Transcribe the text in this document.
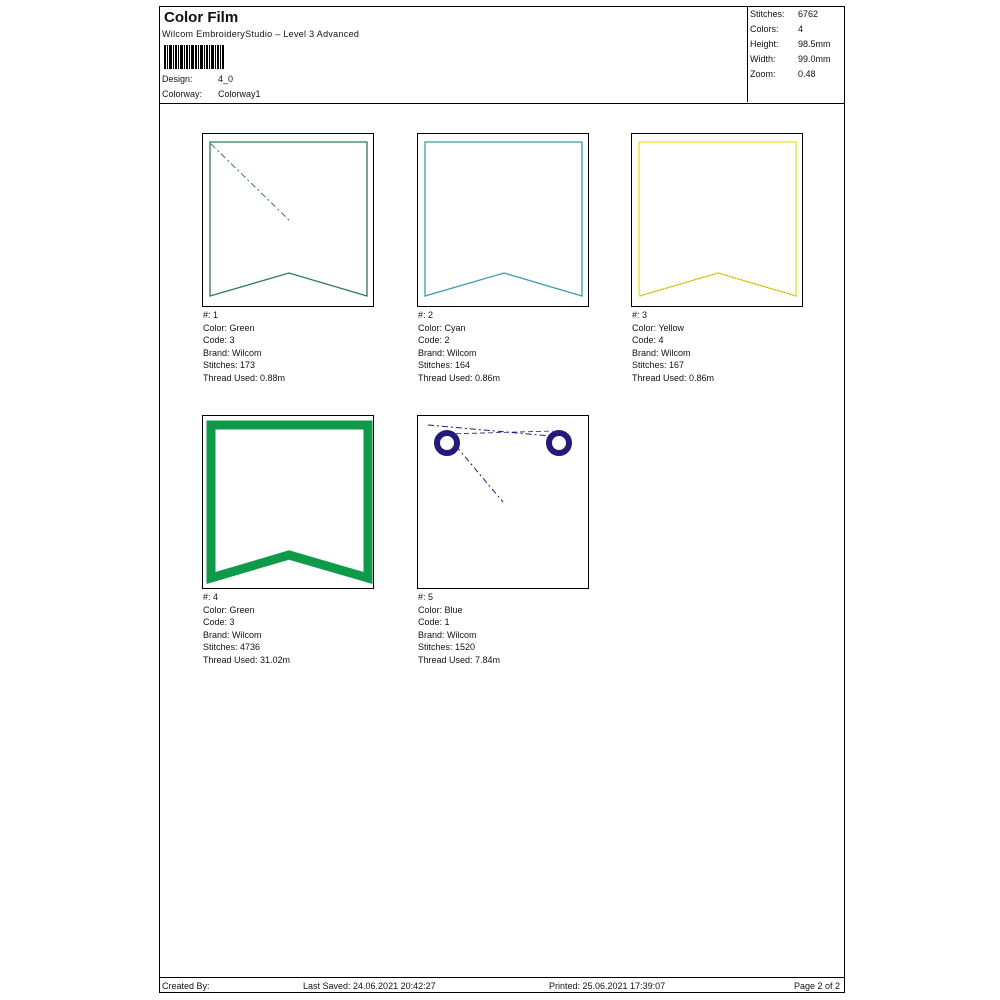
Color Film
Wilcom EmbroideryStudio – Level 3 Advanced
Design:	4_0
Colorway: Colorway1
Stitches: 6762
Colors: 4
Height: 98.5mm
Width: 99.0mm
Zoom: 0.48
#: 1
Color: Green
Code: 3
Brand: Wilcom
Stitches: 173
Thread Used: 0.88m
#: 2
Color: Cyan
Code: 2
Brand: Wilcom
Stitches: 164
Thread Used: 0.86m
#: 3
Color: Yellow
Code: 4
Brand: Wilcom
Stitches: 167
Thread Used: 0.86m
#: 4
Color: Green
Code: 3
Brand: Wilcom
Stitches: 4736
Thread Used: 31.02m
#: 5
Color: Blue
Code: 1
Brand: Wilcom
Stitches: 1520
Thread Used: 7.84m
Created By:	Last Saved: 24.06.2021 20:42:27	Printed: 25.06.2021 17:39:07	Page 2 of 2
